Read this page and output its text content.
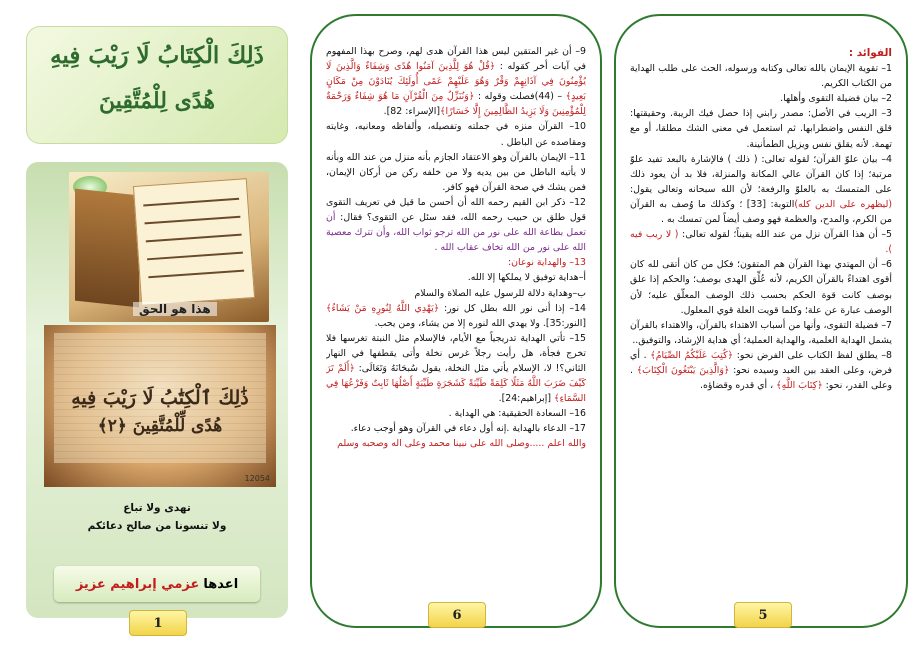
ذَلِكَ الْكِتَابُ لَا رَيْبَ فِيهِ
هُدًى لِلْمُتَّقِينَ
هذا هو الحق
ذَٰلِكَ ٱلْكِتَٰبُ لَا رَيْبَ فِيهِ
هُدًى لِّلْمُتَّقِينَ ﴿٢﴾
12054
تهدى ولا تباع
ولا تنسونا من صالح دعائكم
اعدها
عزمي إبراهيم عزيز
1

9– أن غير المتقين ليس هذا القرآن هدى لهم، وصرح بهذا المفهوم في آيات أخر كقوله : ﴿قُلْ هُوَ لِلَّذِينَ آمَنُوا هُدًى وَشِفَاءٌ وَالَّذِينَ لَا يُؤْمِنُونَ فِي آذَانِهِمْ وَقْرٌ وَهُوَ عَلَيْهِمْ عَمًى أُولَئِكَ يُنَادَوْنَ مِنْ مَكَانٍ بَعِيدٍ﴾ – (44)فصلت وقوله : ﴿وَنُنَزِّلُ مِنَ الْقُرْآنِ مَا هُوَ شِفَاءٌ وَرَحْمَةٌ لِلْمُؤْمِنِينَ وَلَا يَزِيدُ الظَّالِمِينَ إِلَّا خَسَارًا﴾[الإسراء: 82].

10– القرآن منزه في جملته وتفصيله، وألفاظه ومعانيه، وغايته ومقاصده عن الباطل .

11– الإيمان بالقرآن وهو الاعتقاد الجازم بأنه منزل من عند الله وبأنه لا يأتيه الباطل من بين يديه ولا من خلفه ركن من أركان الإيمان، فمن يشك في صحة القرآن فهو كافر.

12– ذكر ابن القيم رحمه الله أن أحسن ما قيل في تعريف التقوى قول طلق بن حبيب رحمه الله، فقد سئل عن التقوى؟ فقال: أن تعمل بطاعة الله على نور من الله ترجو ثواب الله، وأن تترك معصية الله على نور من الله تخاف عقاب الله .

13– والهداية نوعان:

أ–هداية توفيق لا يملكها إلا الله.

ب–وهداية دلالة للرسول عليه الصلاة والسلام

14– إذا أنى نور الله بطل كل نور: ﴿يَهْدِي اللَّهُ لِنُورِهِ مَنْ يَشَاءُ﴾[النور:35]. ولا يهدي الله لنوره إلا من يشاء، ومن يحب.

15– تأتي الهداية تدريجياً مع الأيام، فالإسلام مثل النبتة تغرسها فلا تخرج فجأة، هل رأيت رجلاً غرس نخلة وأتى يقطفها في النهار الثاني؟! لا، الإسلام يأتي مثل النخلة، يقول سُبحَانَهُ وَتَعَالَى: ﴿أَلَمْ تَرَ كَيْفَ ضَرَبَ اللَّهُ مَثَلًا كَلِمَةً طَيِّبَةً كَشَجَرَةٍ طَيِّبَةٍ أَصْلُهَا ثَابِتٌ وَفَرْعُهَا فِي السَّمَاءِ﴾ [إبراهيم:24].

16– السعادة الحقيقية: هي الهداية .

17– الدعاء بالهداية .إنه أول دعاء في القرآن وهو أوجب دعاء.

والله اعلم .....وصلى الله على نبينا محمد وعلى اله وصحبه وسلم

6

الفوائد :

1– تقوية الإيمان بالله تعالى وكتابه ورسوله، الحث على طلب الهداية من الكتاب الكريم.

2– بيان فضيلة التقوى وأهلها.

3– الريب في الأصل: مصدر رابني إذا حصل فيك الريبة. وحقيقتها: قلق النفس واضطرابها. ثم استعمل في معنى الشك مطلقا، أو مع تهمة. لأنه يقلق نفس ويزيل الطمأنينة.

4– بيان علوّ القرآن؛ لقوله تعالى: ( ذلك ) فالإشارة بالبعد تفيد علوّ مرتبة؛ إذا كان القرآن عالي المكانة والمنزلة، فلا بد أن يعود ذلك على المتمسك به بالعلوّ والرفعة؛ لأن الله سبحانه وتعالى يقول:(ليظهره على الدين كله)التوبة: [33] ؛ وكذلك ما وُصف به القرآن من الكرم، والمدح، والعظمة فهو وصف أيضاً لمن تمسك به .

5– أن هذا القرآن نزل من عند الله يقيناً؛ لقوله تعالى: ( لا ريب فيه ).

6– أن المهتدي بهذا القرآن هم المتقون؛ فكل من كان أتقى لله كان أقوى اهتداءً بالقرآن الكريم، لأنه عُلِّق الهدى بوصف؛ والحكم إذا علق بوصف كانت قوة الحكم بحسب ذلك الوصف المعلّق عليه؛ لأن الوصف عبارة عن علة؛ وكلما قويت العلة قوي المعلول.

7– فضيلة التقوى، وأنها من أسباب الاهتداء بالقرآن، والاهتداء بالقرآن يشمل الهداية العلمية، والهداية العملية؛ أي هداية الإرشاد، والتوفيق..

8– يطلق لفظ الكتاب على الفرض نحو: ﴿كُتِبَ عَلَيْكُمُ الصِّيَامُ﴾ . أي فرض، وعلى العقد بين العبد وسيده نحو: ﴿وَالَّذِينَ يَبْتَغُونَ الْكِتَابَ﴾ . وعلى القدر، نحو: ﴿كِتَابَ اللَّهِ﴾ ، أي قدره وقضاؤه.

5
